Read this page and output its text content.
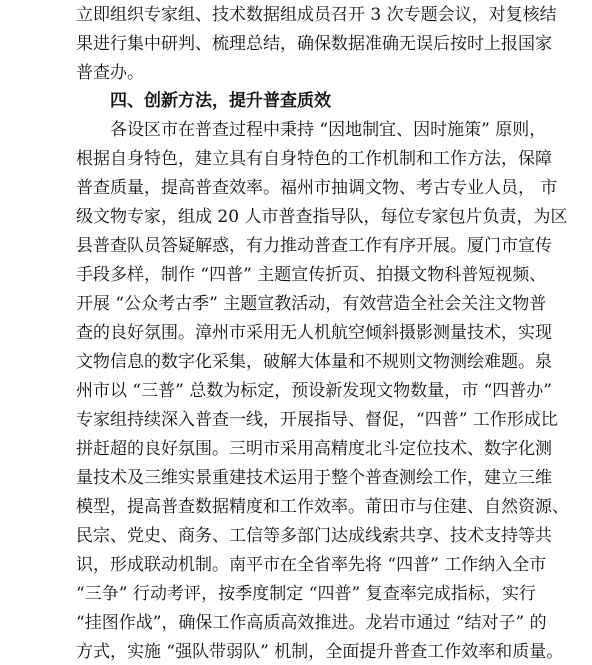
立即组织专家组、技术数据组成员召开 3 次专题会议，对复核结
果进行集中研判、梳理总结，确保数据准确无误后按时上报国家
普查办。
四、创新方法，提升普查质效
各设区市在普查过程中秉持 “因地制宜、因时施策” 原则，
根据自身特色，建立具有自身特色的工作机制和工作方法，保障
普查质量，提高普查效率。福州市抽调文物、考古专业人员， 市
级文物专家，组成 20 人市普查指导队，每位专家包片负责，为区
县普查队员答疑解惑，有力推动普查工作有序开展。厦门市宣传
手段多样，制作 “四普” 主题宣传折页、拍摄文物科普短视频、
开展 “公众考古季” 主题宣教活动，有效营造全社会关注文物普
查的良好氛围。漳州市采用无人机航空倾斜摄影测量技术，实现
文物信息的数字化采集，破解大体量和不规则文物测绘难题。泉
州市以 “三普” 总数为标定，预设新发现文物数量，市 “四普办”
专家组持续深入普查一线，开展指导、督促，“四普” 工作形成比
拼赶超的良好氛围。三明市采用高精度北斗定位技术、数字化测
量技术及三维实景重建技术运用于整个普查测绘工作，建立三维
模型，提高普查数据精度和工作效率。莆田市与住建、自然资源、
民宗、党史、商务、工信等多部门达成线索共享、技术支持等共
识，形成联动机制。南平市在全省率先将 “四普” 工作纳入全市
“三争” 行动考评，按季度制定 “四普” 复查率完成指标，实行
“挂图作战”，确保工作高质高效推进。龙岩市通过 “结对子” 的
方式，实施 “强队带弱队” 机制，全面提升普查工作效率和质量。
